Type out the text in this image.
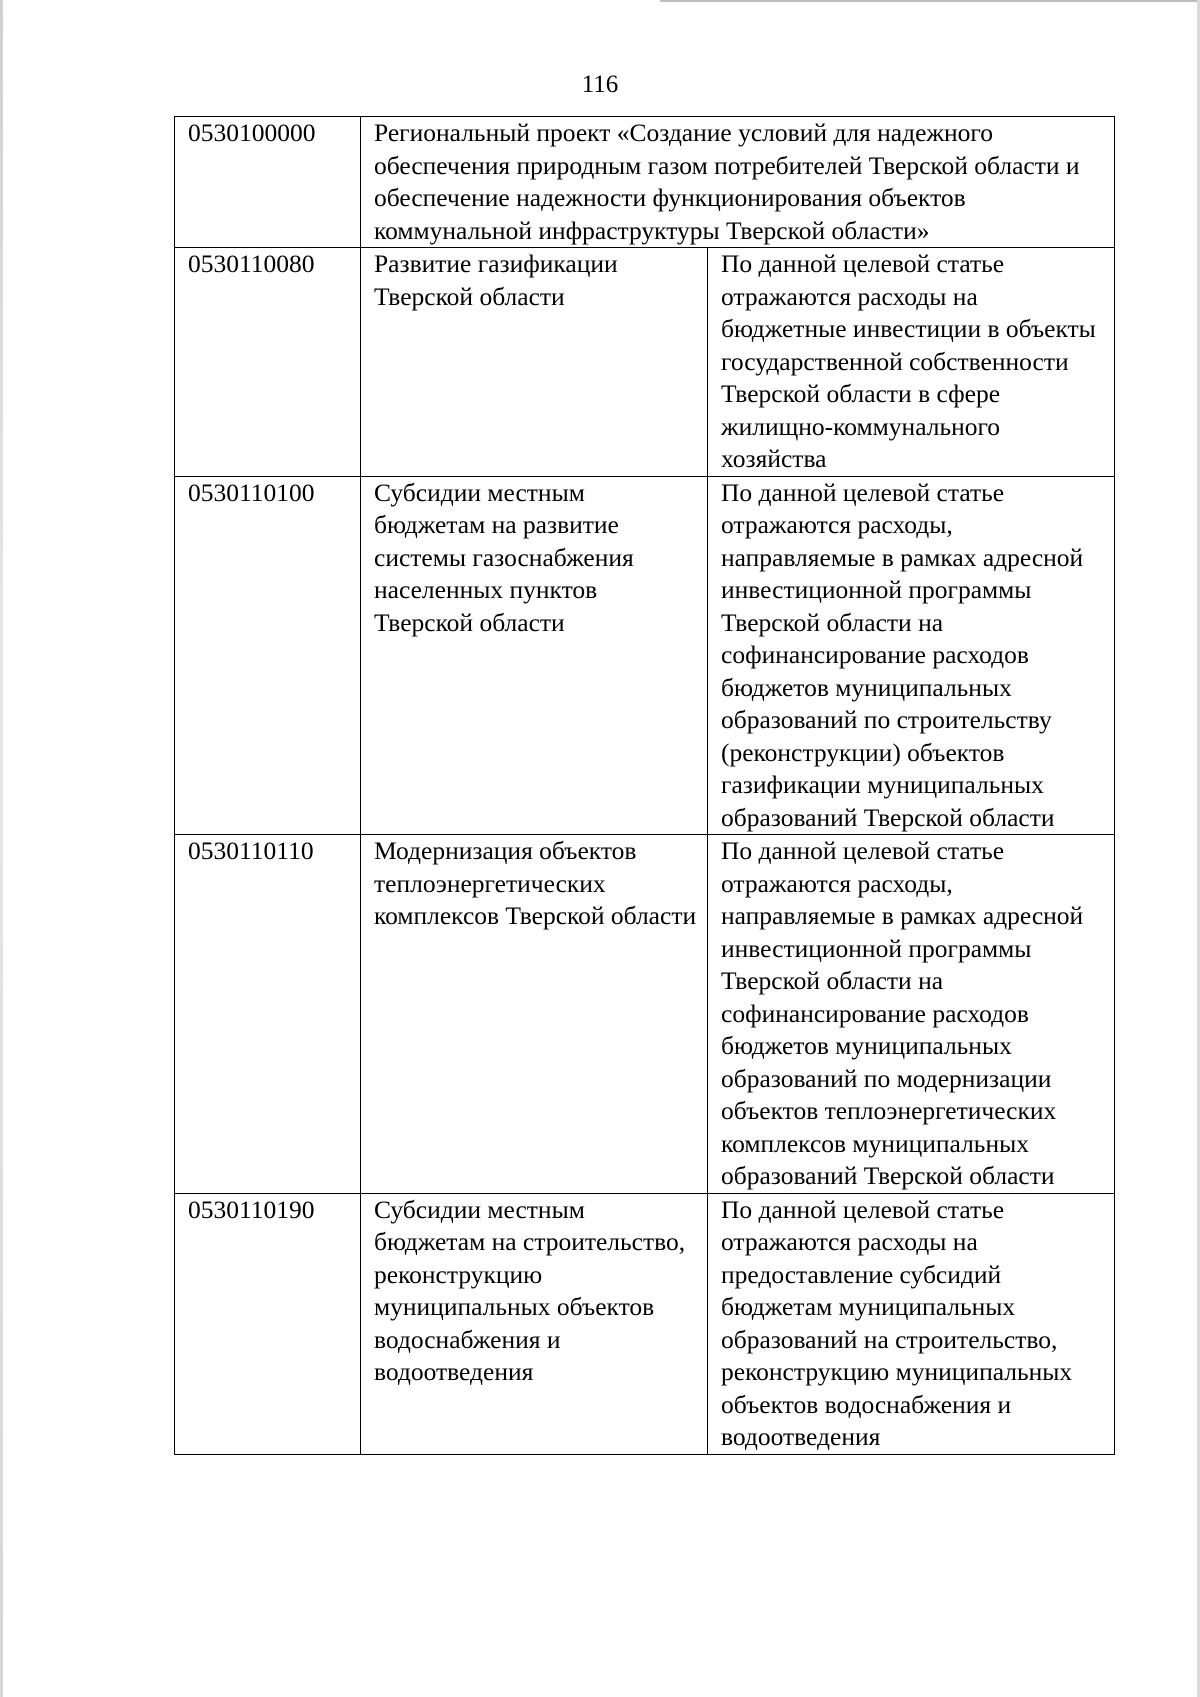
116
0530100000	Региональный проект «Создание условий для надежного обеспечения природным газом потребителей Тверской области и обеспечение надежности функционирования объектов коммунальной инфраструктуры Тверской области»	
0530110080	Развитие газификации Тверской области	По данной целевой статье отражаются расходы на бюджетные инвестиции в объекты государственной собственности Тверской области в сфере жилищно-коммунального хозяйства
0530110100	Субсидии местным бюджетам на развитие системы газоснабжения населенных пунктов Тверской области	По данной целевой статье отражаются расходы, направляемые в рамках адресной инвестиционной программы Тверской области на софинансирование расходов бюджетов муниципальных образований по строительству (реконструкции) объектов газификации муниципальных образований Тверской области
0530110110	Модернизация объектов теплоэнергетических комплексов Тверской области	По данной целевой статье отражаются расходы, направляемые в рамках адресной инвестиционной программы Тверской области на софинансирование расходов бюджетов муниципальных образований по модернизации объектов теплоэнергетических комплексов муниципальных образований Тверской области
0530110190	Субсидии местным бюджетам на строительство, реконструкцию муниципальных объектов водоснабжения и водоотведения	По данной целевой статье отражаются расходы на предоставление субсидий бюджетам муниципальных образований на строительство, реконструкцию муниципальных объектов водоснабжения и водоотведения
